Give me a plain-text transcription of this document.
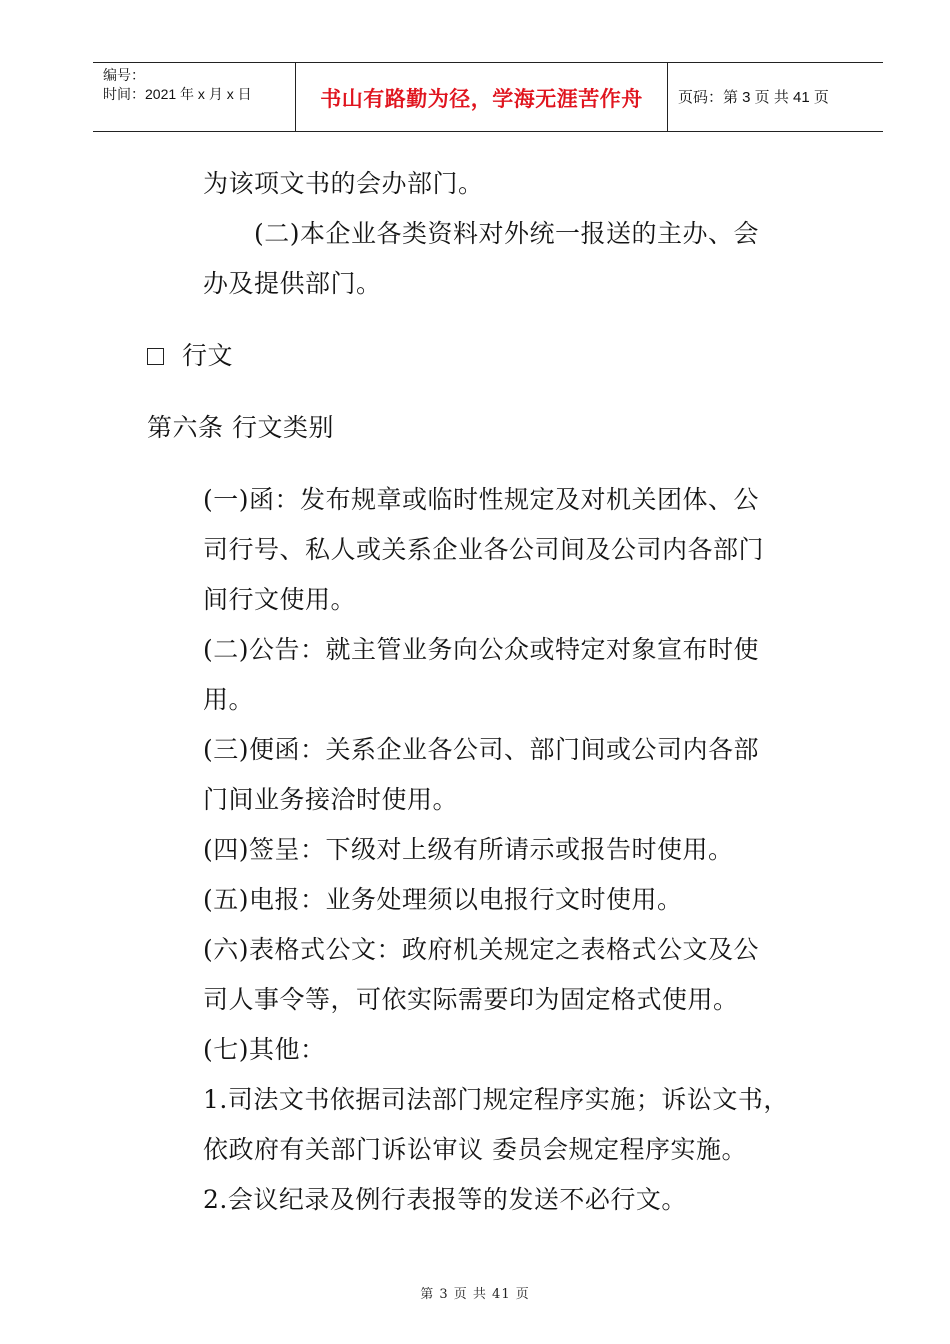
编号：
时间：2021 年 x 月 x 日	书山有路勤为径，学海无涯苦作舟	页码：第 3 页 共 41 页
为该项文书的会办部门。
(二)本企业各类资料对外统一报送的主办、会
办及提供部门。
行文
第六条 行文类别
(一)函：发布规章或临时性规定及对机关团体、公
司行号、私人或关系企业各公司间及公司内各部门
间行文使用。
(二)公告：就主管业务向公众或特定对象宣布时使
用。
(三)便函：关系企业各公司、部门间或公司内各部
门间业务接洽时使用。
(四)签呈：下级对上级有所请示或报告时使用。
(五)电报：业务处理须以电报行文时使用。
(六)表格式公文：政府机关规定之表格式公文及公
司人事令等，可依实际需要印为固定格式使用。
(七)其他：
1.司法文书依据司法部门规定程序实施；诉讼文书，
依政府有关部门诉讼审议 委员会规定程序实施。
2.会议纪录及例行表报等的发送不必行文。
第 3 页 共 41 页
